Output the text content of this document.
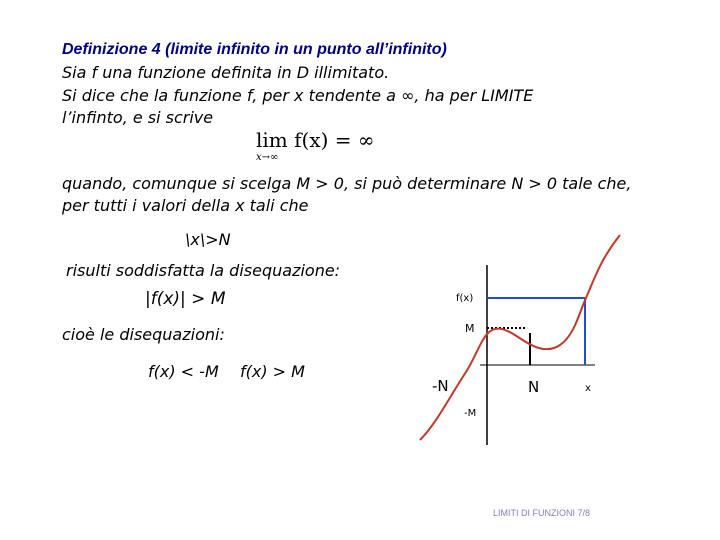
Definizione 4 (limite infinito in un punto all’infinito)
Sia f una funzione definita in D illimitato.
Si dice che la funzione f, per x tendente a ∞, ha per LIMITE
l’infinto, e si scrive
lim f(x) = ∞
x→∞
quando, comunque si scelga M > 0, si può determinare N > 0 tale che,
per tutti i valori della x tali che
\x\>N
risulti soddisfatta la disequazione:
|f(x)| > M
cioè le disequazioni:
f(x) < -M f(x) > M
f(x)
M
-N	N	x
-M
LIMITI DI FUNZIONI 7/8
